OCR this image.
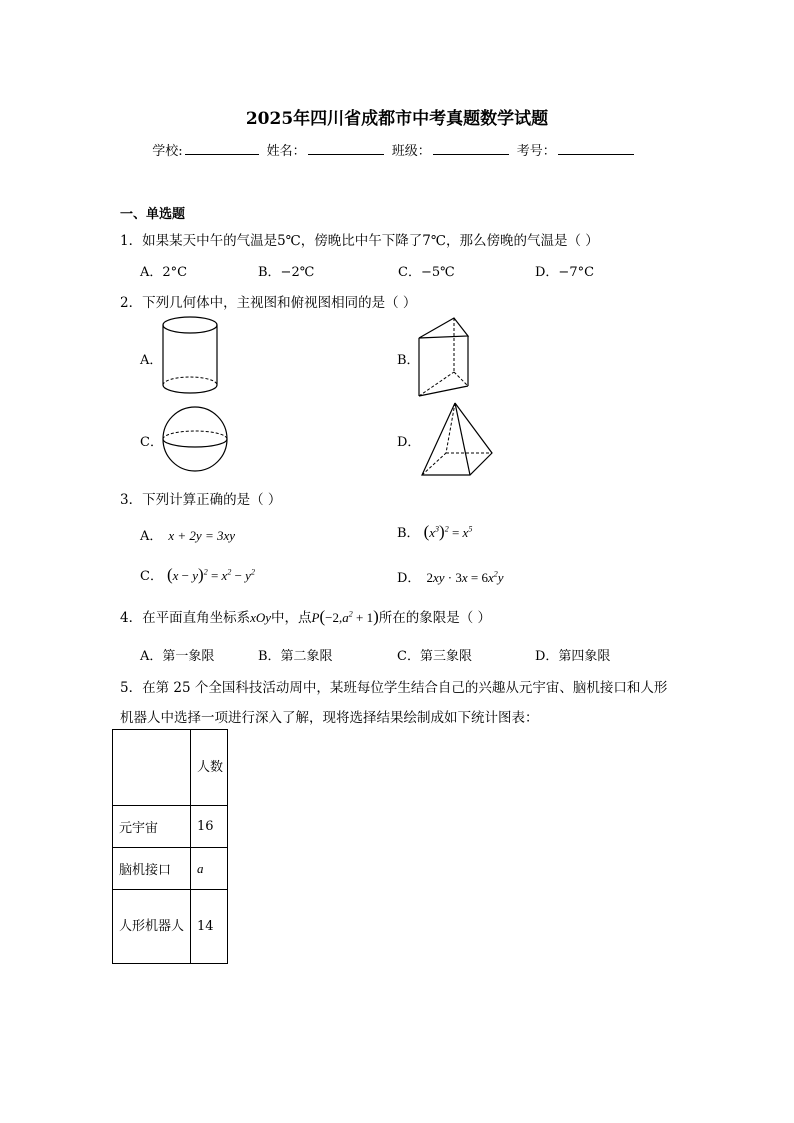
2025年四川省成都市中考真题数学试题
学校:	姓名：	班级：	考号：
一、单选题
1．如果某天中午的气温是5℃，傍晚比中午下降了7℃，那么傍晚的气温是（ ）
A．2°C	B．−2℃	C．−5℃	D．−7°C
2．下列几何体中，主视图和俯视图相同的是（ ）
A．	B．
C．	D．
3．下列计算正确的是（ ）
A． x + 2y = 3xy	B． $(x^3)^2 = x^5$
C． $(x - y)^2 = x^2 - y^2$	D． $2xy \cdot 3x = 6x^2y$
4．在平面直角坐标系xOy中，点$P(-2,a^2 + 1)$所在的象限是（ ）
A．第一象限	B．第二象限	C．第三象限	D．第四象限
5．在第 25 个全国科技活动周中，某班每位学生结合自己的兴趣从元宇宙、脑机接口和人形
机器人中选择一项进行深入了解，现将选择结果绘制成如下统计图表：
	人数
元宇宙	16
脑机接口	a
人形机器人	14
